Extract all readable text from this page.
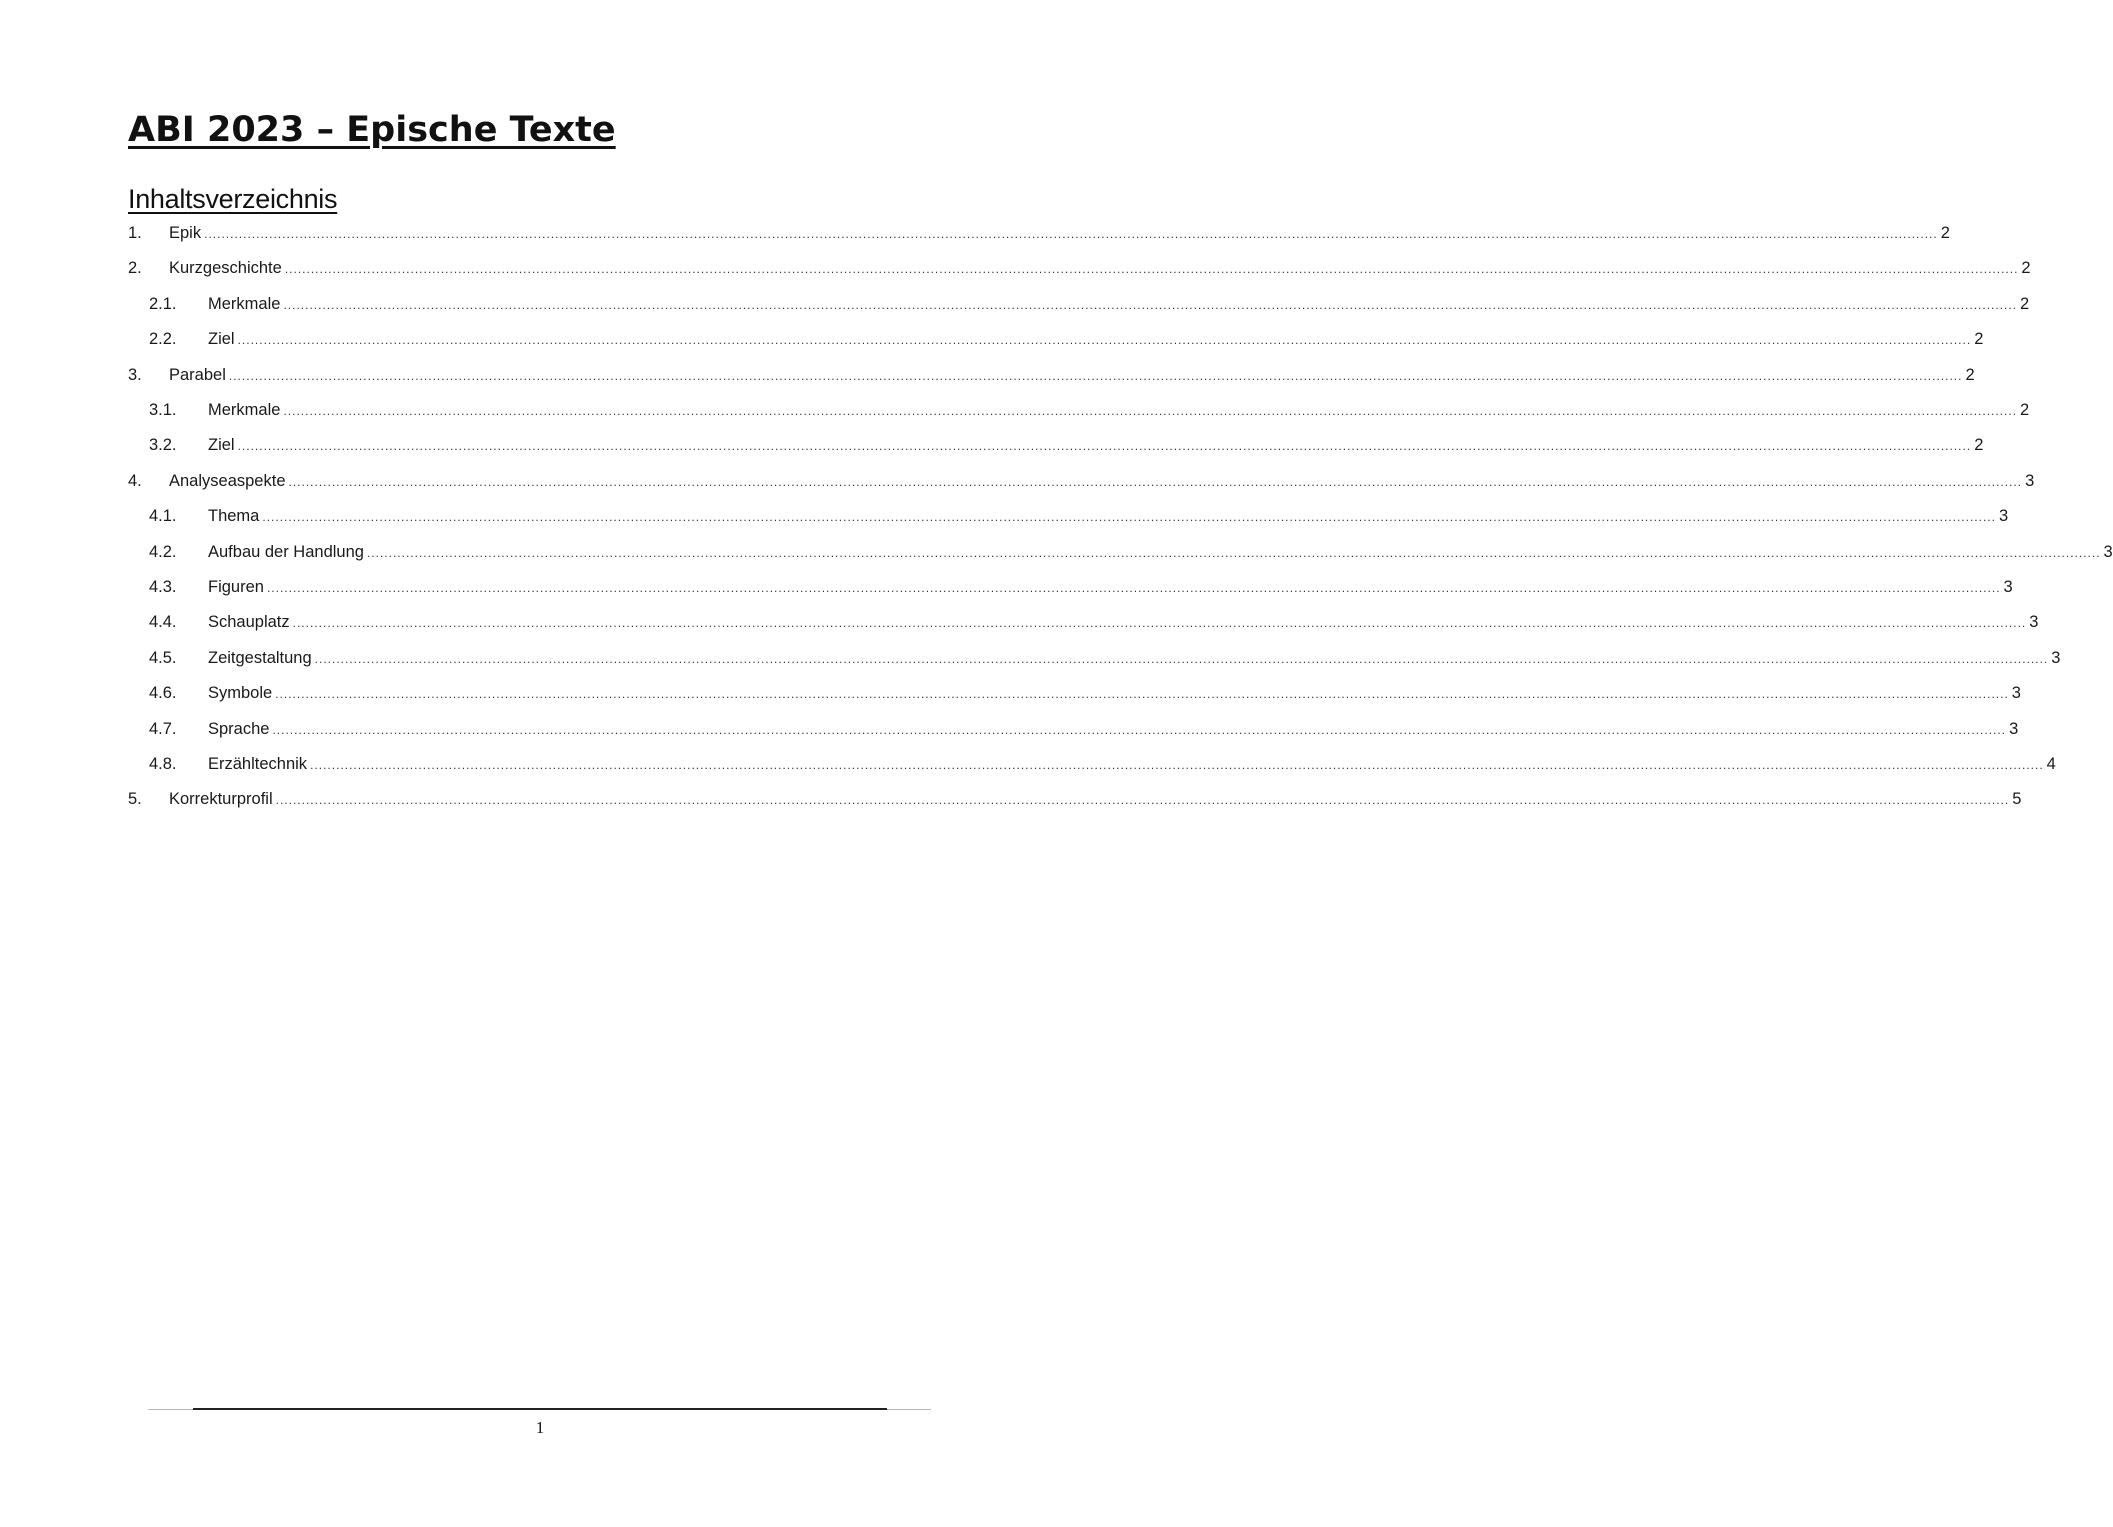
ABI 2023 – Epische Texte
Inhaltsverzeichnis
1.	Epik ................................................................................................................................................................................................................................................................................................................................................................................................................ 2
2.	Kurzgeschichte ................................................................................................................................................................................................................................................................................................................................................................................................................ 2
2.1.	Merkmale ................................................................................................................................................................................................................................................................................................................................................................................................................ 2
2.2.	Ziel ................................................................................................................................................................................................................................................................................................................................................................................................................ 2
3.	Parabel ................................................................................................................................................................................................................................................................................................................................................................................................................ 2
3.1.	Merkmale ................................................................................................................................................................................................................................................................................................................................................................................................................ 2
3.2.	Ziel ................................................................................................................................................................................................................................................................................................................................................................................................................ 2
4.	Analyseaspekte ................................................................................................................................................................................................................................................................................................................................................................................................................ 3
4.1.	Thema ................................................................................................................................................................................................................................................................................................................................................................................................................ 3
4.2.	Aufbau der Handlung ................................................................................................................................................................................................................................................................................................................................................................................................................ 3
4.3.	Figuren ................................................................................................................................................................................................................................................................................................................................................................................................................ 3
4.4.	Schauplatz ................................................................................................................................................................................................................................................................................................................................................................................................................ 3
4.5.	Zeitgestaltung ................................................................................................................................................................................................................................................................................................................................................................................................................ 3
4.6.	Symbole ................................................................................................................................................................................................................................................................................................................................................................................................................ 3
4.7.	Sprache ................................................................................................................................................................................................................................................................................................................................................................................................................ 3
4.8.	Erzähltechnik ................................................................................................................................................................................................................................................................................................................................................................................................................ 4
5.	Korrekturprofil ................................................................................................................................................................................................................................................................................................................................................................................................................ 5
1
